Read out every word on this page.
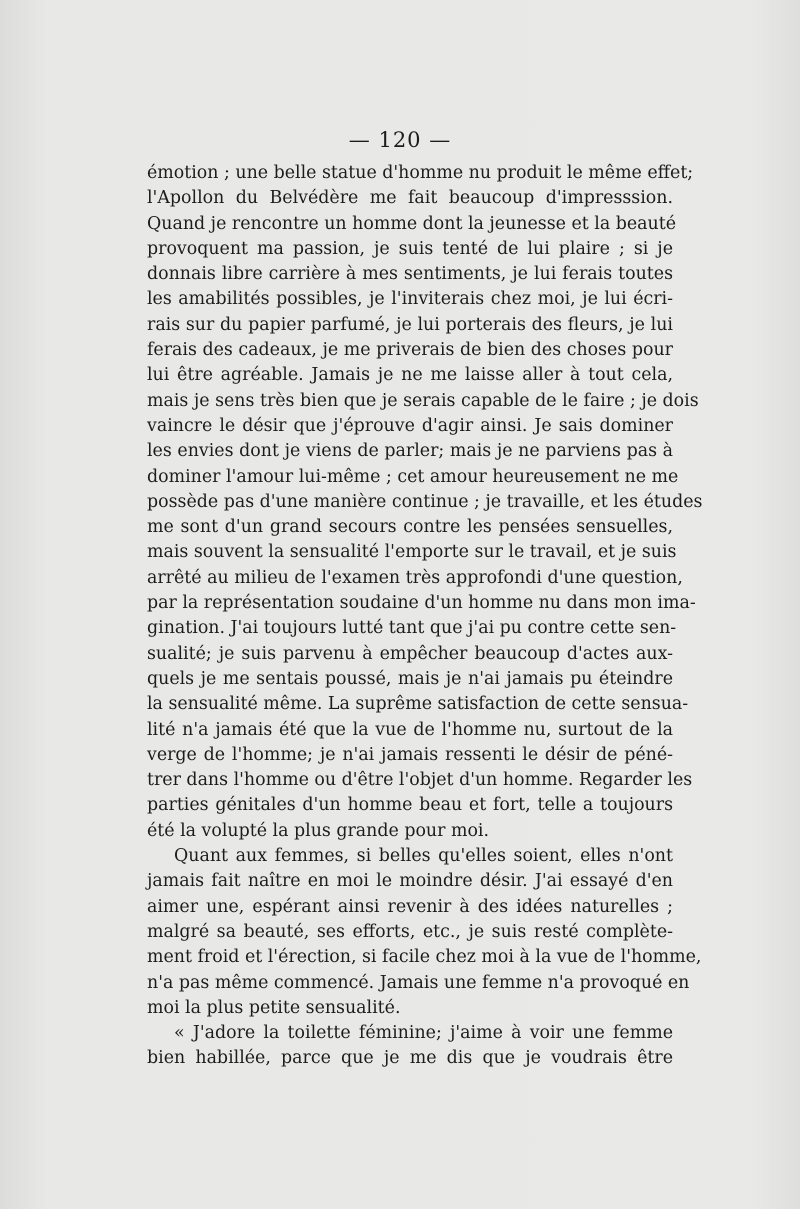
— 120 —
émotion ; une belle statue d'homme nu produit le même effet;
l'Apollon du Belvédère me fait beaucoup d'impresssion.
Quand je rencontre un homme dont la jeunesse et la beauté
provoquent ma passion, je suis tenté de lui plaire ; si je
donnais libre carrière à mes sentiments, je lui ferais toutes
les amabilités possibles, je l'inviterais chez moi, je lui écri-
rais sur du papier parfumé, je lui porterais des fleurs, je lui
ferais des cadeaux, je me priverais de bien des choses pour
lui être agréable. Jamais je ne me laisse aller à tout cela,
mais je sens très bien que je serais capable de le faire ; je dois
vaincre le désir que j'éprouve d'agir ainsi. Je sais dominer
les envies dont je viens de parler; mais je ne parviens pas à
dominer l'amour lui-même ; cet amour heureusement ne me
possède pas d'une manière continue ; je travaille, et les études
me sont d'un grand secours contre les pensées sensuelles,
mais souvent la sensualité l'emporte sur le travail, et je suis
arrêté au milieu de l'examen très approfondi d'une question,
par la représentation soudaine d'un homme nu dans mon ima-
gination. J'ai toujours lutté tant que j'ai pu contre cette sen-
sualité; je suis parvenu à empêcher beaucoup d'actes aux-
quels je me sentais poussé, mais je n'ai jamais pu éteindre
la sensualité même. La suprême satisfaction de cette sensua-
lité n'a jamais été que la vue de l'homme nu, surtout de la
verge de l'homme; je n'ai jamais ressenti le désir de péné-
trer dans l'homme ou d'être l'objet d'un homme. Regarder les
parties génitales d'un homme beau et fort, telle a toujours
été la volupté la plus grande pour moi.
Quant aux femmes, si belles qu'elles soient, elles n'ont
jamais fait naître en moi le moindre désir. J'ai essayé d'en
aimer une, espérant ainsi revenir à des idées naturelles ;
malgré sa beauté, ses efforts, etc., je suis resté complète-
ment froid et l'érection, si facile chez moi à la vue de l'homme,
n'a pas même commencé. Jamais une femme n'a provoqué en
moi la plus petite sensualité.
« J'adore la toilette féminine; j'aime à voir une femme
bien habillée, parce que je me dis que je voudrais être
